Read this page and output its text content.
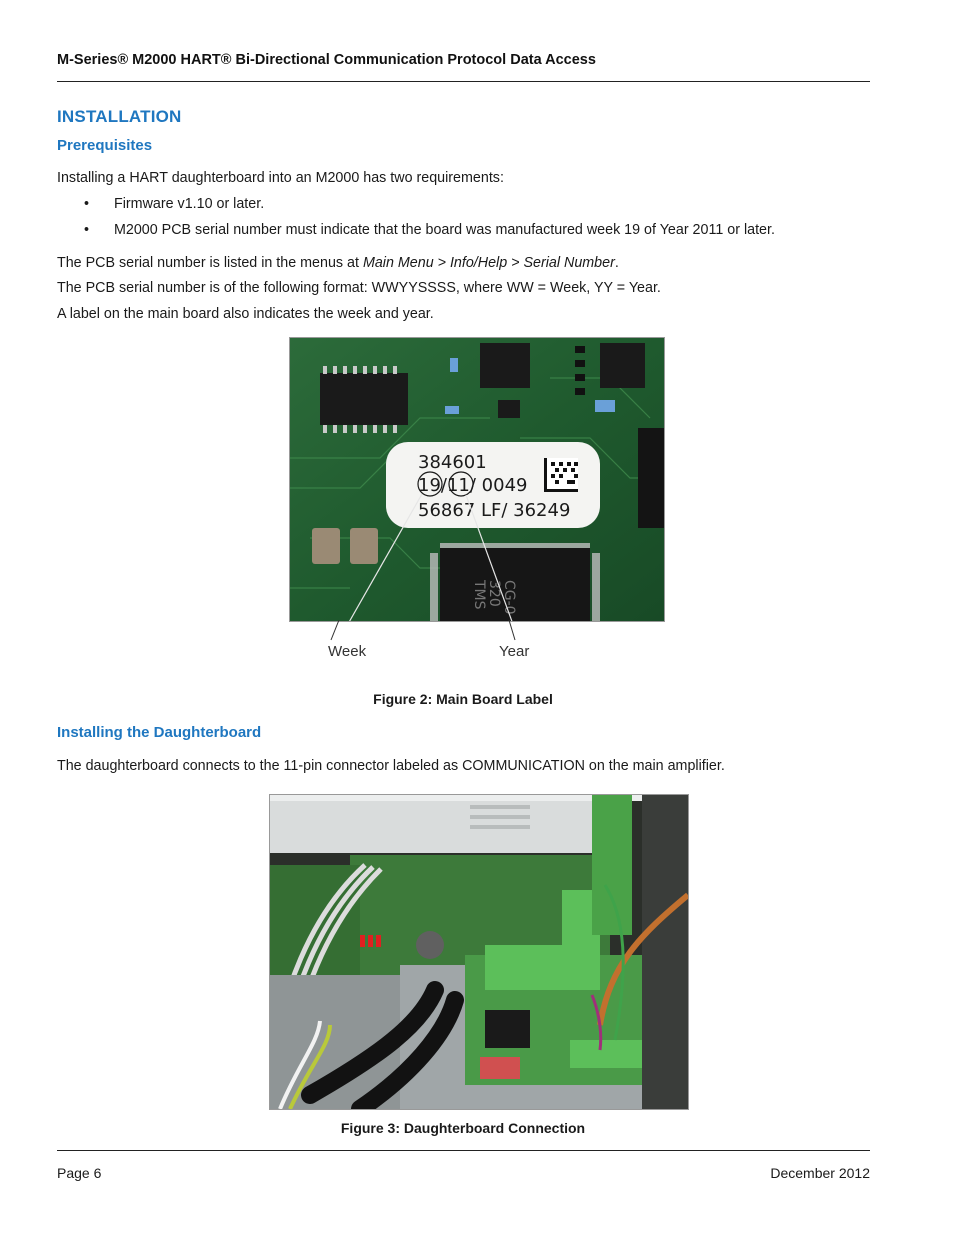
M-Series® M2000 HART® Bi-Directional Communication Protocol Data Access
INSTALLATION
Prerequisites
Installing a HART daughterboard into an M2000 has two requirements:
• Firmware v1.10 or later.
• M2000 PCB serial number must indicate that the board was manufactured week 19 of Year 2011 or later.
The PCB serial number is listed in the menus at Main Menu > Info/Help > Serial Number.
The PCB serial number is of the following format: WWYYSSSS, where WW = Week, YY = Year.
A label on the main board also indicates the week and year.
TMS 320 CG-0
384601
19/11/ 0049
56867 LF/ 36249
Week	Year
Figure 2: Main Board Label
Installing the Daughterboard
The daughterboard connects to the 11-pin connector labeled as COMMUNICATION on the main amplifier.
Figure 3: Daughterboard Connection
Page 6	December 2012
